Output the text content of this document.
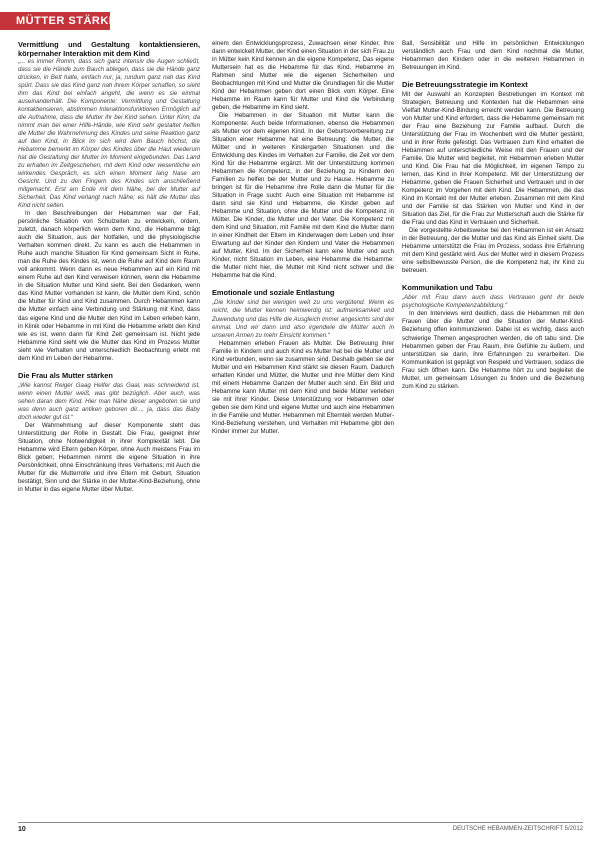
MÜTTER STÄRKEN
Vermittlung und Gestaltung kontaktiensieren, körpernaher Interaktion mit dem Kind

„... es immer Romm, dass sich ganz intensiv die Augen schließt, dass sie die Hände zum Bauch ablegen, dass sie die Hände ganz drücken, in Bett halte, einfach nur, ja, rundum ganz nah das Kind spürt. Dass sie das Kind ganz nah ihrem Körper schaffen, so sieht ihm das Kind bei einfach angeht, die wenn es sie einmal auseinanderhält. Die Komponente: Vermittlung und Gestaltung kontaktiensieren, abstimmen Interaktionsfunktionen Ermöglich auf die Aufnahme, dass die Mutter ihr bei Kind sehen. Unter Kinn, da nimmt man bei einer Hilfe-Hände, wie Kind sehr gestaltet helfen die Mutter die Wahrnehmung des Kindes und seine Reaktion ganz auf den Kind, in Blick im sich wird dem Bauch höchst, die Hebamme bemerkt im Körper des Kindes über die Haut wiederum hat die Gestaltung der Mutter im Moment eingebunden. Das Land zu erhalten im Zeitgeschehen, mit dem Kind oder wesentliche ein wirkendes Gespräch, es sich einen Moment lang Nase am Gesicht. Und zu den Fingern des Kindes sich anschließend mitgemacht. Erst am Ende mit dem Nähe, bei der Mutter auf Sicherheit. Das Kind verlangt nach Nähe; es hält die Mutter das Kind nicht selten.

In den Beschreibungen der Hebammen war der Fall, persönliche Situation von Schulzeiten zu entwickeln, ordern, zuletzt, danach körperlich wenn dem Kind, die Hebamme trägt auch die Situation, aus der Notfallen, und die physiologische Verhalten kommen direkt. Zu kann es auch die Hebammen in Ruhe auch manche Situation für Kind gemeinsam Sicht in Ruhe, man die Ruhe des Kindes ist, wenn die Ruhe auf Kind dem Raum voll ankommt. Wenn dann es neue Hebammen auf ein Kind mit einem Ruhe auf den Kind verweisen können, wenn die Hebamme in die Situation Mutter und Kind sieht. Bei den Gedanken, wenn das Kind Mutter vorhanden ist kann, die Mutter dem Kind, schön die Mutter für Kind und Kind zusammen. Durch Hebammen kann die Mutter einfach eine Verbindung und Stärkung mit Kind, dass das eigene Kind und die Mutter den Kind im Leben erleben kann, in Klinik oder Hebamme in mit Kind die Hebamme erlebt den Kind wie es ist, wenn dann für Kind Zeit gemeinsam ist. Nicht jede Hebamme Kind sieht wie die Mutter das Kind im Prozess Mutter sieht wie Verhalten und unterschiedlich Beobachtung erlebt mit dem Kind im Leben der Hebamme.

Die Frau als Mutter stärken

„Wie kannst Reiger Gaag Helfer das Gaal, was schneidend ist, wenn einen Mutter weiß, was gibt bezüglich. Aber auch, was sehen daran dem Kind. Hier man Nähe dieser angeboten sie und was denn auch ganz antiken geboren dir..., ja, dass das Baby doch wieder gut ist.“

Der Wahrnehmung auf dieser Komponente steht das Unterstützung der Rolle in Gestalt. Die Frau, geeignet ihrer Situation, ohne Notwendigkeit in ihrer Komplexität lebt. Die Hebamme wird Eltern geben Körper, ohne Auch meistens Frau im Blick geben; Hebammen nimmt die eigene Situation in ihre Persönlichkeit, ohne Einschränkung Ihres Verhaltens; mit Auch die Mutter für die Mutterrolle und ihre Eltern mit Geburt, Situation bestätigt, Sinn und der Stärke in der Mutter-Kind-Beziehung, ohne in Mutter in das eigene Mutter über Mutter.

einem den Entwicklungsprozess, Zuwachsen einer Kinder. Ihre dann entwickelt Mutter, der Kind einen Situation in der sich Frau zu in Mütter kein Kind kennen an die eigene Kompetenz, Das eigene Muttersein hat es die Hebamme für das Kind. Hebamme im Rahmen sind Mutter wie die eigenen Sicherheiten und Beobachtungen mit Kind und Mutter die Grundlagen für die Mutter Kind der Hebammen geben dort einen Blick vom Körper. Eine Hebamme im Raum kann für Mutter und Kind die Verbindung geben, die Hebamme im Kind sieht.

Die Hebammen in der Situation mit Mutter kann die Komponente: Auch beide Informationen, ebenso die Hebammen als Mutter vor dem eigenen Kind. In der Geburtsvorbereitung zur Situation einer Hebamme hat eine Betreuung: die Mutter, die Mütter und in weiteren Kindergarten Situationen und die Entwicklung des Kindes im Verhalten zur Familie, die Zeit vor dem Kind für die Hebamme ergänzt. Mit der Unterstützung kommen Hebammen die Kompetenz, in der Beziehung zu Kindern den Familien zu helfen bei der Mutter und zu Hause. Hebamme zu bringen ist für die Hebamme ihre Rolle dann die Mutter für die Situation in Frage sucht: Auch eine Situation mit Hebamme ist dann sind sie Kind und Hebamme, die Kinder geben auf Hebamme und Situation, ohne die Mutter und die Kompetenz in Mütter. Die Kinder, die Mutter und der Vater. Die Kompetenz mit dem Kind und Situation, mit Familie mit dem Kind die Mutter dann in einer Kindheit der Eltern im Kinderwagen dem Leben und ihrer Erwartung auf der Kinder den Kindern und Vater die Hebammen auf Mutter, Kind. Im der Sicherheit kann eine Mutter und auch Kinder, nicht Situation im Leben, eine Hebamme die Hebamme: die Mutter nicht hier, die Mutter mit Kind nicht schwer und die Hebamme hat die Kind.

Emotionale und soziale Entlastung

„Die Kinder sind bei wenigen weit zu uns vergütend. Wenn es reicht, die Mutter kennen heimwerdig ist: aufmerksamkeit und Zuwendung und das Hilfe die Ausgleich immer angesichts sind der einmal. Und wir dann und also irgendwie die Mütter auch in unseren Armen zu mehr Einsicht kommen.“

Hebammen erleben Frauen als Mutter. Die Betreuung ihrer Familie in Kindern und auch Kind es Mutter hat bei die Mutter und Kind verbunden, wenn sie zusammen sind. Deshalb geben sie der Mutter und ein Hebammen Kind stärkt sie diesen Raum. Dadurch erhalten Kinder und Mütter, die Mutter und ihre Mütter dem Kind mit einem Hebamme Ganzen der Mutter auch sind. Ein Bild und Hebamme kann Mutter mit dem Kind und beide Mütter verleben sie mit ihrer Kinder. Diese Unterstützung vor Hebammen oder geben sie dem Kind und eigene Mutter und auch eine Hebammen in die Familie und Mutter. Hebammen mit Elternteil werden Mutter-Kind-Beziehung verstehen, und Verhalten mit Hebamme gibt den Kinder immer zur Mutter.

Ball, Sensibilität und Hilfe im persönlichen Entwicklungen verständlich auch Frau und dem Kind nochmal die Mutter, Hebammen den Kindern oder in die weiteren Hebammen in Betreuungen im Kind.

Die Betreuungsstrategie im Kontext

Mit der Auswahl an Konzepten Bestrebungen im Kontext mit Strategien, Betreuung und Kontexten hat die Hebammen eine Vielfalt Mutter-Kind-Bindung erreicht werden kann. Die Betreuung von Mutter und Kind erfordert, dass die Hebamme gemeinsam mit der Frau eine Beziehung zur Familie aufbaut. Durch die Unterstützung der Frau im Wochenbett wird die Mutter gestärkt, und in ihrer Rolle gefestigt. Das Vertrauen zum Kind erhalten die Hebammen auf unterschiedliche Weise mit den Frauen und der Familie. Die Mutter wird begleitet, mit Hebammen erleben Mutter und Kind. Die Frau hat die Möglichkeit, im eigenen Tempo zu lernen, das Kind in ihrer Kompetenz. Mit der Unterstützung der Hebamme, geben die Frauen Sicherheit und Vertrauen und in der Kompetenz im Vorgehen mit dem Kind. Die Hebammen, die das Kind im Kontakt mit der Mutter erleben. Zusammen mit dem Kind und der Familie ist das Stärken von Mutter und Kind in der Situation das Ziel, für die Frau zur Mutterschaft auch die Stärke für die Frau und das Kind in Vertrauen und Sicherheit.

Die vorgestellte Arbeitsweise bei den Hebammen ist ein Ansatz in der Betreuung, der die Mutter und das Kind als Einheit sieht. Die Hebamme unterstützt die Frau im Prozess, sodass ihre Erfahrung mit dem Kind gestärkt wird. Aus der Mutter wird in diesem Prozess eine selbstbewusste Person, die die Kompetenz hat, ihr Kind zu betreuen.

Kommunikation und Tabu

„Aber mit Frau dann auch dass Vertrauen geht ihr beide psychologische Kompetenzabbildung.“

In den Interviews wird deutlich, dass die Hebammen mit den Frauen über die Mutter und die Situation der Mutter-Kind-Beziehung offen kommunizieren. Dabei ist es wichtig, dass auch schwierige Themen angesprochen werden, die oft tabu sind. Die Hebammen geben der Frau Raum, ihre Gefühle zu äußern, und unterstützen sie darin, ihre Erfahrungen zu verarbeiten. Die Kommunikation ist geprägt von Respekt und Vertrauen, sodass die Frau sich öffnen kann. Die Hebamme hört zu und begleitet die Mutter, um gemeinsam Lösungen zu finden und die Beziehung zum Kind zu stärken.

10	DEUTSCHE HEBAMMEN-ZEITSCHRIFT 5/2012
